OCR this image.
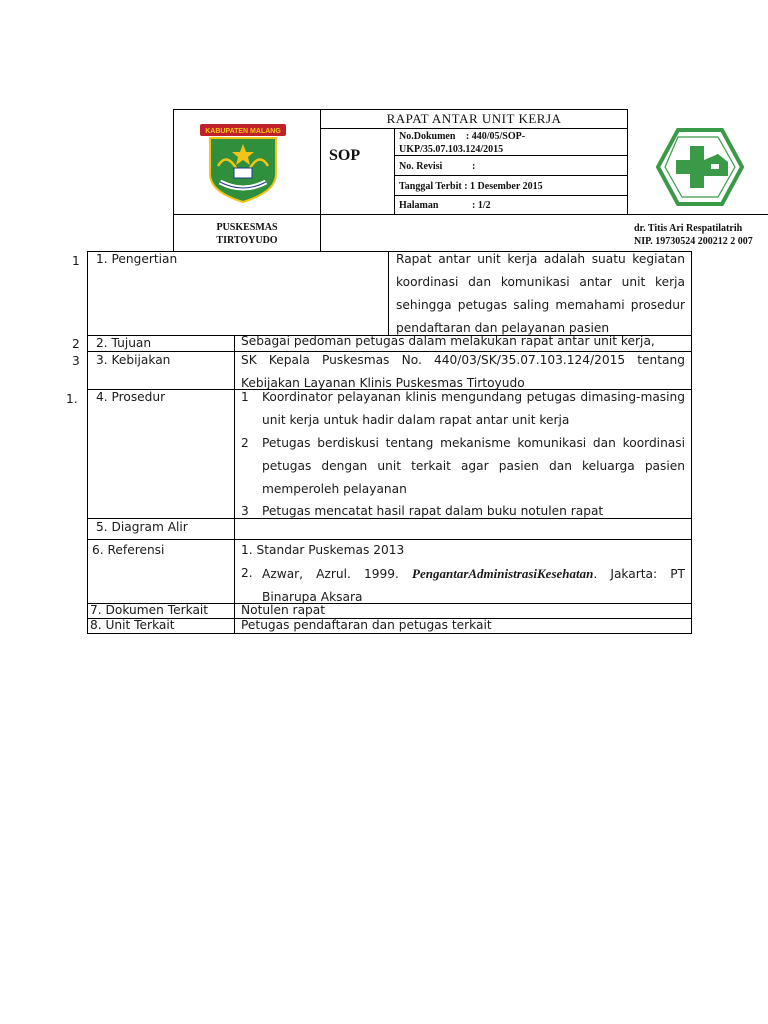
KABUPATEN MALANG
PUSKESMAS
TIRTOYUDO
RAPAT ANTAR UNIT KERJA
SOP
No.Dokumen : 440/05/SOP-
UKP/35.07.103.124/2015
No. Revisi	:
Tanggal Terbit : 1 Desember 2015
Halaman	: 1/2
dr. Titis Ari Respatilatrih
NIP. 19730524 200212 2 007
1 1. Pengertian	Rapat antar unit kerja adalah suatu kegiatan
koordinasi dan komunikasi antar unit kerja
sehingga petugas saling memahami prosedur
pendaftaran dan pelayanan pasien
2 2. Tujuan	Sebagai pedoman petugas dalam melakukan rapat antar unit kerja,
3 3. Kebijakan	SK Kepala Puskesmas No. 440/03/SK/35.07.103.124/2015 tentang
Kebijakan Layanan Klinis Puskesmas Tirtoyudo
1. 4. Prosedur	1 Koordinator pelayanan klinis mengundang petugas dimasing-masing
unit kerja untuk hadir dalam rapat antar unit kerja
2 Petugas berdiskusi tentang mekanisme komunikasi dan koordinasi
petugas dengan unit terkait agar pasien dan keluarga pasien
memperoleh pelayanan
3 Petugas mencatat hasil rapat dalam buku notulen rapat
5. Diagram Alir
6. Referensi	1. Standar Puskemas 2013
2. Azwar, Azrul. 1999. PengantarAdministrasiKesehatan. Jakarta: PT
Binarupa Aksara
7. Dokumen Terkait	Notulen rapat
8. Unit Terkait	Petugas pendaftaran dan petugas terkait
